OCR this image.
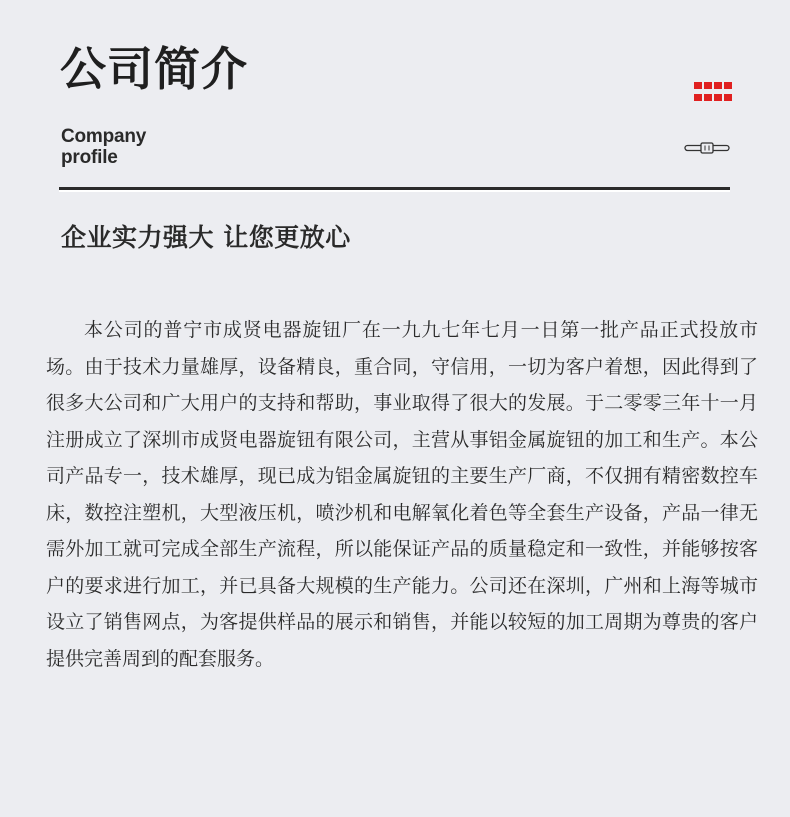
公司简介
Company
profile
企业实力强大 让您更放心

本公司的普宁市成贤电器旋钮厂在一九九七年七月一日第一批产品正式投放市场。由于技术力量雄厚，设备精良，重合同，守信用，一切为客户着想，因此得到了很多大公司和广大用户的支持和帮助，事业取得了很大的发展。于二零零三年十一月注册成立了深圳市成贤电器旋钮有限公司，主营从事铝金属旋钮的加工和生产。本公司产品专一，技术雄厚，现已成为铝金属旋钮的主要生产厂商，不仅拥有精密数控车床，数控注塑机，大型液压机，喷沙机和电解氧化着色等全套生产设备，产品一律无需外加工就可完成全部生产流程，所以能保证产品的质量稳定和一致性，并能够按客户的要求进行加工，并已具备大规模的生产能力。公司还在深圳，广州和上海等城市设立了销售网点，为客提供样品的展示和销售，并能以较短的加工周期为尊贵的客户提供完善周到的配套服务。
